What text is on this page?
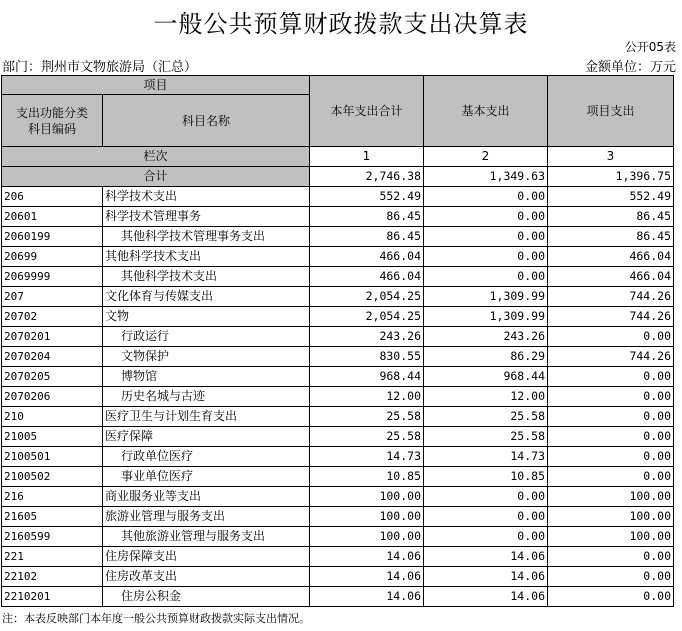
一般公共预算财政拨款支出决算表
公开05表
部门：荆州市文物旅游局（汇总）	金额单位：万元
项目		本年支出合计	基本支出	项目支出
支出功能分类
科目编码	科目名称			
栏次		1	2	3
合计		2,746.38	1,349.63	1,396.75
206	科学技术支出	552.49	0.00	552.49
20601	科学技术管理事务	86.45	0.00	86.45
2060199	其他科学技术管理事务支出	86.45	0.00	86.45
20699	其他科学技术支出	466.04	0.00	466.04
2069999	其他科学技术支出	466.04	0.00	466.04
207	文化体育与传媒支出	2,054.25	1,309.99	744.26
20702	文物	2,054.25	1,309.99	744.26
2070201	行政运行	243.26	243.26	0.00
2070204	文物保护	830.55	86.29	744.26
2070205	博物馆	968.44	968.44	0.00
2070206	历史名城与古迹	12.00	12.00	0.00
210	医疗卫生与计划生育支出	25.58	25.58	0.00
21005	医疗保障	25.58	25.58	0.00
2100501	行政单位医疗	14.73	14.73	0.00
2100502	事业单位医疗	10.85	10.85	0.00
216	商业服务业等支出	100.00	0.00	100.00
21605	旅游业管理与服务支出	100.00	0.00	100.00
2160599	其他旅游业管理与服务支出	100.00	0.00	100.00
221	住房保障支出	14.06	14.06	0.00
22102	住房改革支出	14.06	14.06	0.00
2210201	住房公积金	14.06	14.06	0.00
注：本表反映部门本年度一般公共预算财政拨款实际支出情况。
